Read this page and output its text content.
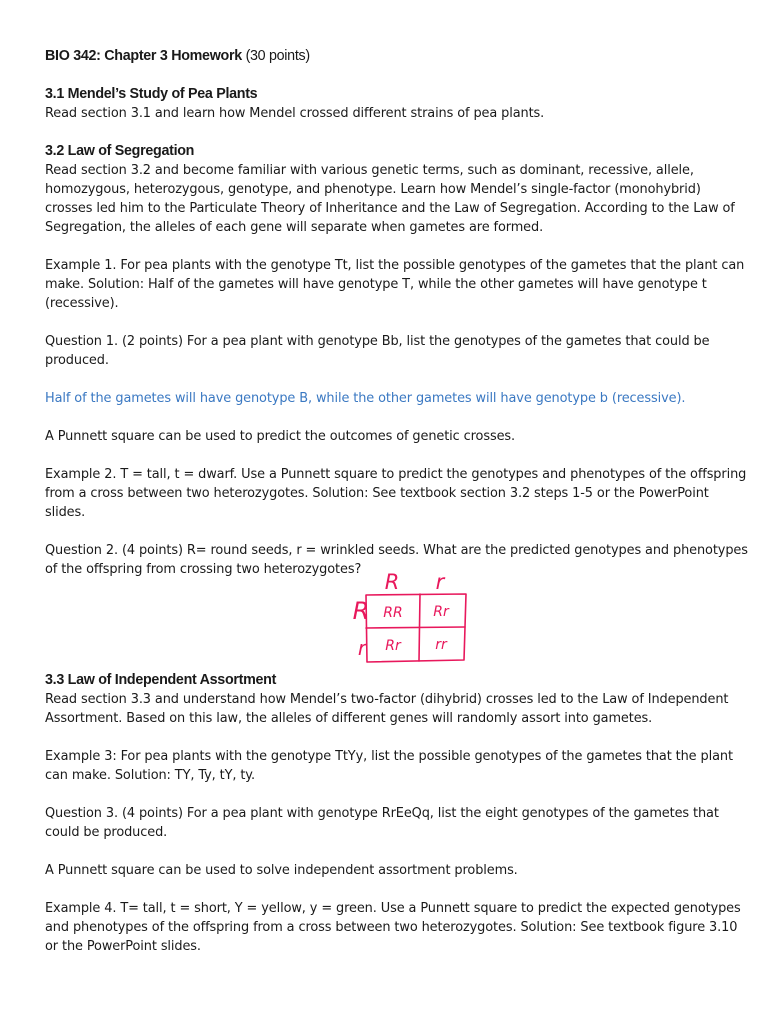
BIO 342: Chapter 3 Homework (30 points)

3.1 Mendel’s Study of Pea Plants

Read section 3.1 and learn how Mendel crossed different strains of pea plants.

3.2 Law of Segregation

Read section 3.2 and become familiar with various genetic terms, such as dominant, recessive, allele,

homozygous, heterozygous, genotype, and phenotype. Learn how Mendel’s single-factor (monohybrid)

crosses led him to the Particulate Theory of Inheritance and the Law of Segregation. According to the Law of

Segregation, the alleles of each gene will separate when gametes are formed.

Example 1. For pea plants with the genotype Tt, list the possible genotypes of the gametes that the plant can

make. Solution: Half of the gametes will have genotype T, while the other gametes will have genotype t

(recessive).

Question 1. (2 points) For a pea plant with genotype Bb, list the genotypes of the gametes that could be

produced.

Half of the gametes will have genotype B, while the other gametes will have genotype b (recessive).

A Punnett square can be used to predict the outcomes of genetic crosses.

Example 2. T = tall, t = dwarf. Use a Punnett square to predict the genotypes and phenotypes of the offspring

from a cross between two heterozygotes. Solution: See textbook section 3.2 steps 1-5 or the PowerPoint

slides.

Question 2. (4 points) R= round seeds, r = wrinkled seeds. What are the predicted genotypes and phenotypes

of the offspring from crossing two heterozygotes?

R r
R
r
RR Rr
Rr rr

3.3 Law of Independent Assortment

Read section 3.3 and understand how Mendel’s two-factor (dihybrid) crosses led to the Law of Independent

Assortment. Based on this law, the alleles of different genes will randomly assort into gametes.

Example 3: For pea plants with the genotype TtYy, list the possible genotypes of the gametes that the plant

can make. Solution: TY, Ty, tY, ty.

Question 3. (4 points) For a pea plant with genotype RrEeQq, list the eight genotypes of the gametes that

could be produced.

A Punnett square can be used to solve independent assortment problems.

Example 4. T= tall, t = short, Y = yellow, y = green. Use a Punnett square to predict the expected genotypes

and phenotypes of the offspring from a cross between two heterozygotes. Solution: See textbook figure 3.10

or the PowerPoint slides.
